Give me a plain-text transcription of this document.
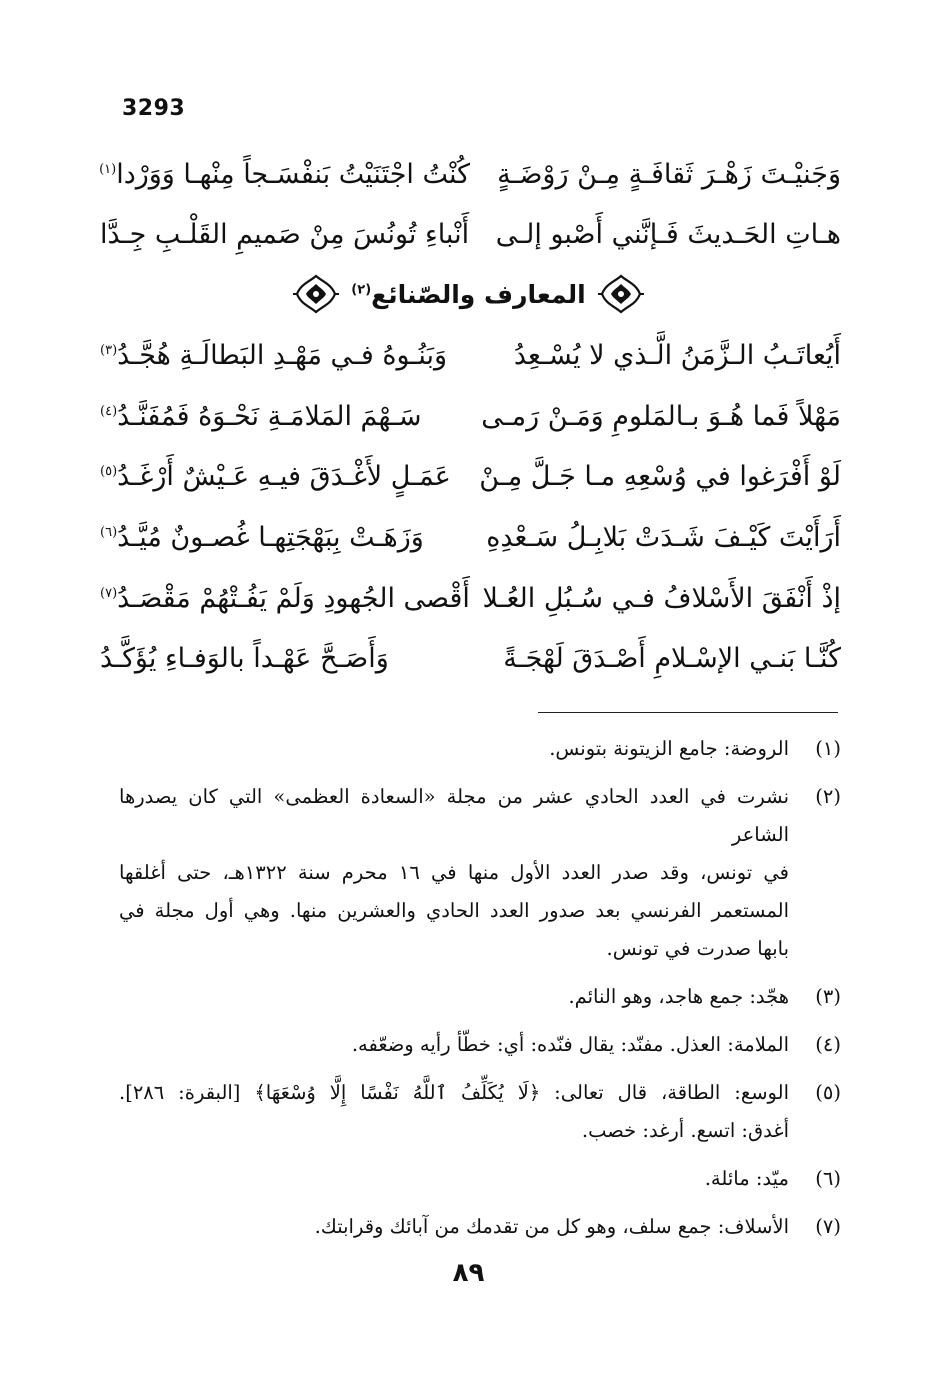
3293
وَجَنيْـتَ زَهْـرَ ثَقافَـةٍ مِـنْ رَوْضَـةٍ
كُنْتُ اجْتَنَيْتُ بَنفْسَـجاً مِنْهـا وَوَرْدا$^{(١)}$
هـاتِ الحَـديثَ فَـإنَّني أَصْبو إلـى
أَنْباءِ تُونُسَ مِنْ صَميمِ القَلْـبِ جِـدَّا
المعارف والصّنائع$^{(٢)}$
أَيُعاتَـبُ الـزَّمَنُ الَّـذي لا يُسْـعِدُ
وَبَنُـوهُ فـي مَهْـدِ البَطالَـةِ هُجَّـدُ$^{(٣)}$
مَهْلاً فَما هُـوَ بـالمَلومِ وَمَـنْ رَمـى
سَـهْمَ المَلامَـةِ نَحْـوَهُ فَمُفَنَّـدُ$^{(٤)}$
لَوْ أَفْرَغوا في وُسْعِهِ مـا جَـلَّ مِـنْ
عَمَـلٍ لأَغْـدَقَ فيـهِ عَـيْشٌ أَرْغَـدُ$^{(٥)}$
أَرَأَيْتَ كَيْـفَ شَـدَتْ بَلابِـلُ سَـعْدِهِ
وَزَهَـتْ بِبَهْجَتِهـا غُصـونٌ مُيَّـدُ$^{(٦)}$
إذْ أَنْفَقَ الأَسْلافُ فـي سُـبُلِ العُـلا
أَقْصى الجُهودِ وَلَمْ يَفُـتْهُمْ مَقْصَـدُ$^{(٧)}$
كُنَّـا بَنـي الإسْـلامِ أَصْـدَقَ لَهْجَـةً
وَأَصَـحَّ عَهْـداً بالوَفـاءِ يُؤَكَّـدُ
(١)
الروضة: جامع الزيتونة بتونس.
(٢)
نشرت في العدد الحادي عشر من مجلة «السعادة العظمى» التي كان يصدرها الشاعر
في تونس، وقد صدر العدد الأول منها في ١٦ محرم سنة ١٣٢٢هـ، حتى أغلقها
المستعمر الفرنسي بعد صدور العدد الحادي والعشرين منها. وهي أول مجلة في
بابها صدرت في تونس.
(٣)
هجّد: جمع هاجد، وهو النائم.
(٤)
الملامة: العذل. مفنّد: يقال فنّده: أي: خطّأ رأيه وضعّفه.
(٥)
الوسع: الطاقة، قال تعالى: ﴿لَا يُكَلِّفُ ٱللَّهُ نَفْسًا إِلَّا وُسْعَهَا﴾ [البقرة: ٢٨٦].
أغدق: اتسع. أرغد: خصب.
(٦)
ميّد: مائلة.
(٧)
الأسلاف: جمع سلف، وهو كل من تقدمك من آبائك وقرابتك.
٨٩
